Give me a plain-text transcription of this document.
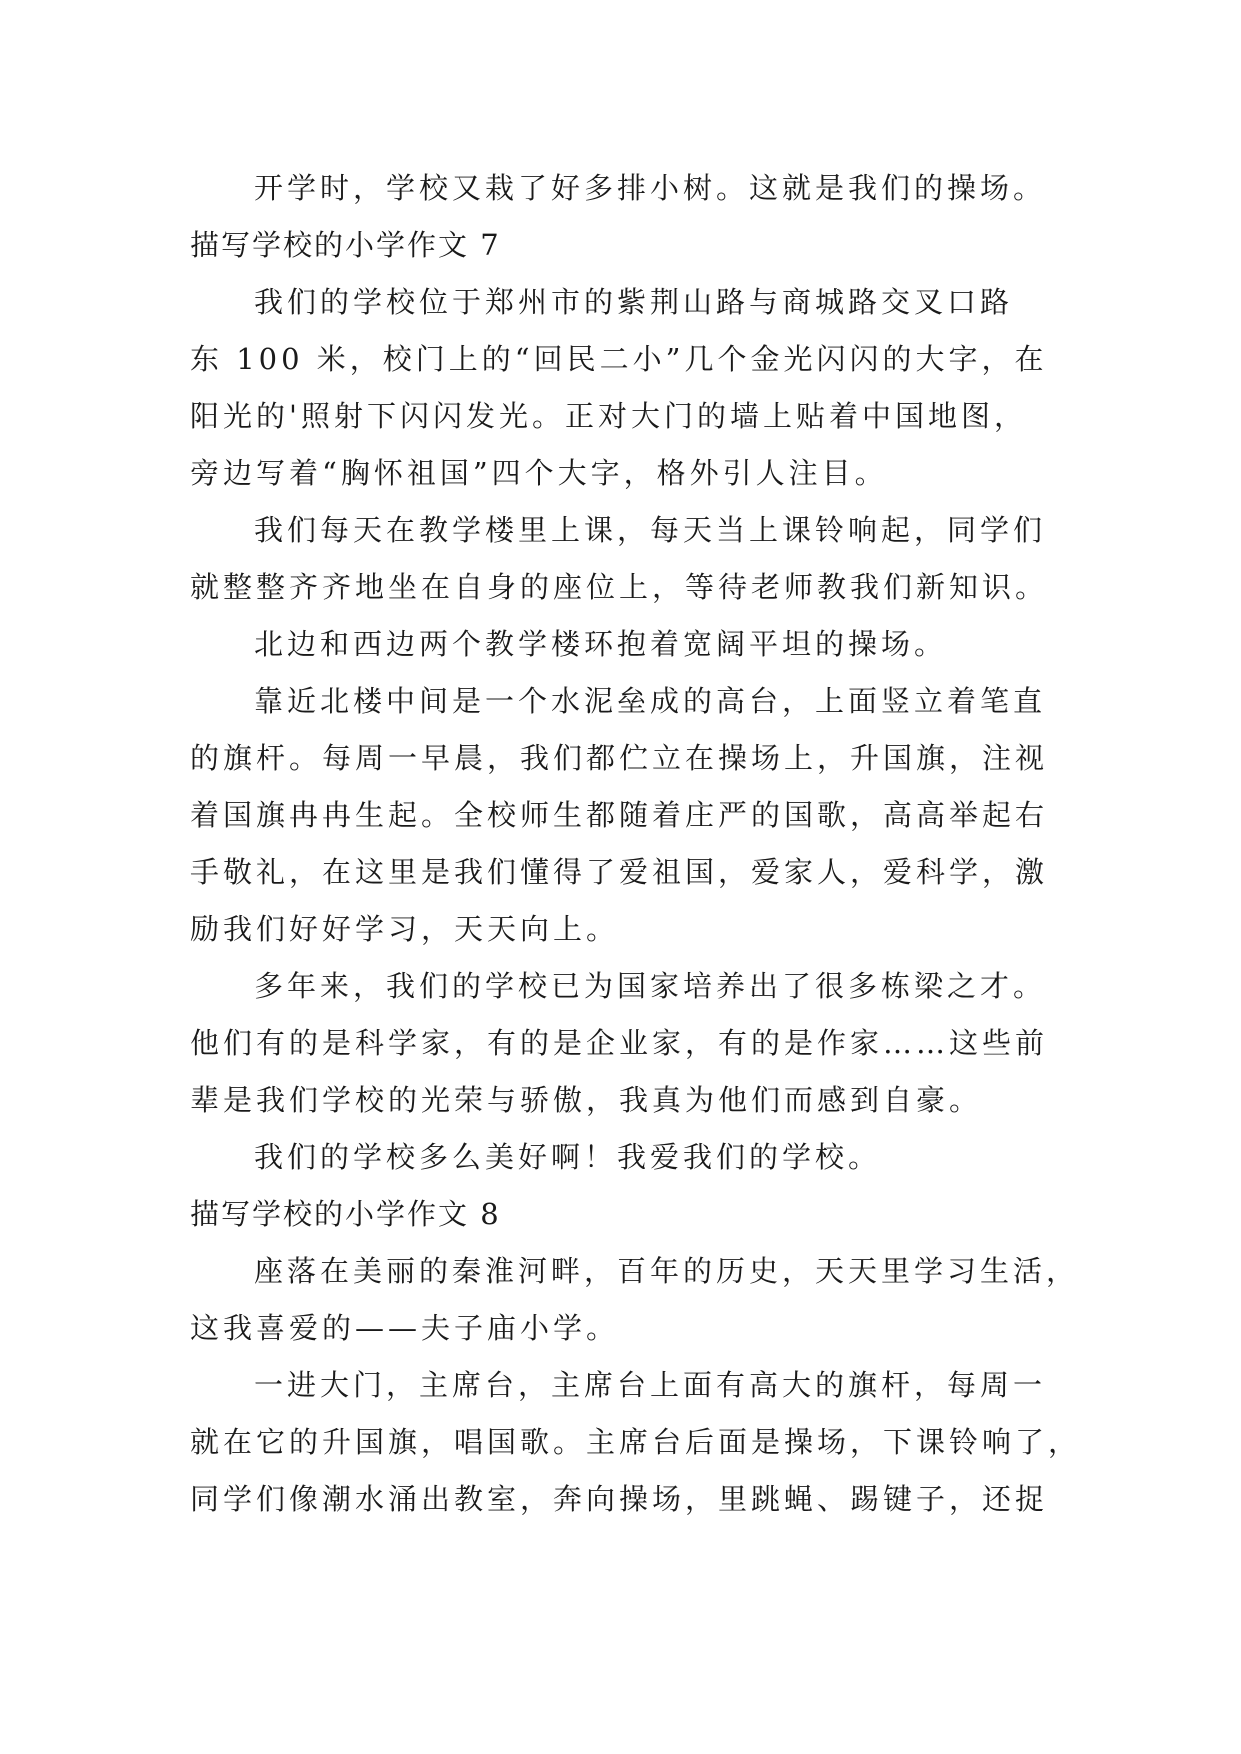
开学时，学校又栽了好多排小树。这就是我们的操场。
描写学校的小学作文 7
我们的学校位于郑州市的紫荆山路与商城路交叉口路
东 100 米，校门上的“回民二小”几个金光闪闪的大字，在
阳光的'照射下闪闪发光。正对大门的墙上贴着中国地图，
旁边写着“胸怀祖国”四个大字，格外引人注目。
我们每天在教学楼里上课，每天当上课铃响起，同学们
就整整齐齐地坐在自身的座位上，等待老师教我们新知识。
北边和西边两个教学楼环抱着宽阔平坦的操场。
靠近北楼中间是一个水泥垒成的高台，上面竖立着笔直
的旗杆。每周一早晨，我们都伫立在操场上，升国旗，注视
着国旗冉冉生起。全校师生都随着庄严的国歌，高高举起右
手敬礼，在这里是我们懂得了爱祖国，爱家人，爱科学，激
励我们好好学习，天天向上。
多年来，我们的学校已为国家培养出了很多栋梁之才。
他们有的是科学家，有的是企业家，有的是作家……这些前
辈是我们学校的光荣与骄傲，我真为他们而感到自豪。
我们的学校多么美好啊！我爱我们的学校。
描写学校的小学作文 8
座落在美丽的秦淮河畔，百年的历史，天天里学习生活，
这我喜爱的——夫子庙小学。
一进大门，主席台，主席台上面有高大的旗杆，每周一
就在它的升国旗，唱国歌。主席台后面是操场，下课铃响了，
同学们像潮水涌出教室，奔向操场，里跳蝇、踢键子，还捉
